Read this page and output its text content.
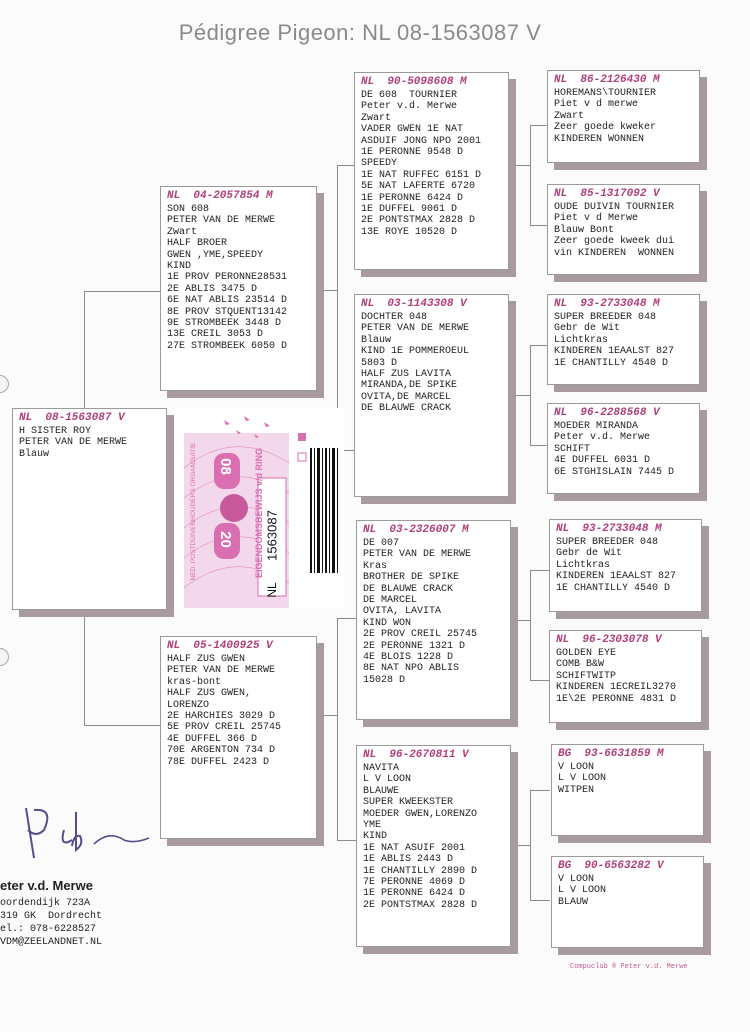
Pédigree Pigeon: NL 08-1563087 V
NL  08-1563087 V
H SISTER ROY
PETER VAN DE MERWE
Blauw
08
20
NL
1563087
NED. POSTDUIVENHOUDERS ORGANISATIE	EIGENDOMSBEWIJS v/d RING
NL  04-2057854 M
SON 608
PETER VAN DE MERWE
Zwart
HALF BROER
GWEN ,YME,SPEEDY
KIND
1E PROV PERONNE28531
2E ABLIS 3475 D
6E NAT ABLIS 23514 D
8E PROV STQUENT13142
9E STROMBEEK 3448 D
13E CREIL 3053 D
27E STROMBEEK 6050 D
NL  05-1400925 V
HALF ZUS GWEN
PETER VAN DE MERWE
kras-bont
HALF ZUS GWEN,
LORENZO
2E HARCHIES 3029 D
5E PROV CREIL 25745
4E DUFFEL 366 D
70E ARGENTON 734 D
78E DUFFEL 2423 D
NL  90-5098608 M
DE 608  TOURNIER
Peter v.d. Merwe
Zwart
VADER GWEN 1E NAT
ASDUIF JONG NPO 2001
1E PERONNE 9548 D
SPEEDY
1E NAT RUFFEC 6151 D
5E NAT LAFERTE 6720
1E PERONNE 6424 D
1E DUFFEL 9061 D
2E PONTSTMAX 2828 D
13E ROYE 10520 D
NL  03-1143308 V
DOCHTER 048
PETER VAN DE MERWE
Blauw
KIND 1E POMMEROEUL
5803 D
HALF ZUS LAVITA
MIRANDA,DE SPIKE
OVITA,DE MARCEL
DE BLAUWE CRACK
NL  03-2326007 M
DE 007
PETER VAN DE MERWE
Kras
BROTHER DE SPIKE
DE BLAUWE CRACK
DE MARCEL
OVITA, LAVITA
KIND WON
2E PROV CREIL 25745
2E PERONNE 1321 D
4E BLOIS 1228 D
8E NAT NPO ABLIS
15028 D
NL  96-2670811 V
NAVITA
L V LOON
BLAUWE
SUPER KWEEKSTER
MOEDER GWEN,LORENZO
YME
KIND
1E NAT ASUIF 2001
1E ABLIS 2443 D
1E CHANTILLY 2890 D
7E PERONNE 4069 D
1E PERONNE 6424 D
2E PONTSTMAX 2828 D
NL  86-2126430 M
HOREMANS\TOURNIER
Piet v d merwe
Zwart
Zeer goede kweker
KINDEREN WONNEN
NL  85-1317092 V
OUDE DUIVIN TOURNIER
Piet v d Merwe
Blauw Bont
Zeer goede kweek dui
vin KINDEREN  WONNEN
NL  93-2733048 M
SUPER BREEDER 048
Gebr de Wit
Lichtkras
KINDEREN 1EAALST 827
1E CHANTILLY 4540 D
NL  96-2288568 V
MOEDER MIRANDA
Peter v.d. Merwe
SCHIFT
4E DUFFEL 6031 D
6E STGHISLAIN 7445 D
NL  93-2733048 M
SUPER BREEDER 048
Gebr de Wit
Lichtkras
KINDEREN 1EAALST 827
1E CHANTILLY 4540 D
NL  96-2303078 V
GOLDEN EYE
COMB B&W
SCHIFTWITP
KINDEREN 1ECREIL3270
1E\2E PERONNE 4831 D
BG  93-6631859 M
V LOON
L V LOON
WITPEN
BG  90-6563282 V
V LOON
L V LOON
BLAUW
eter v.d. Merwe
oordendijk 723A
319 GK  Dordrecht
el.: 078-6228527
VDM@ZEELANDNET.NL
Compuclub ® Peter v.d. Merwe
